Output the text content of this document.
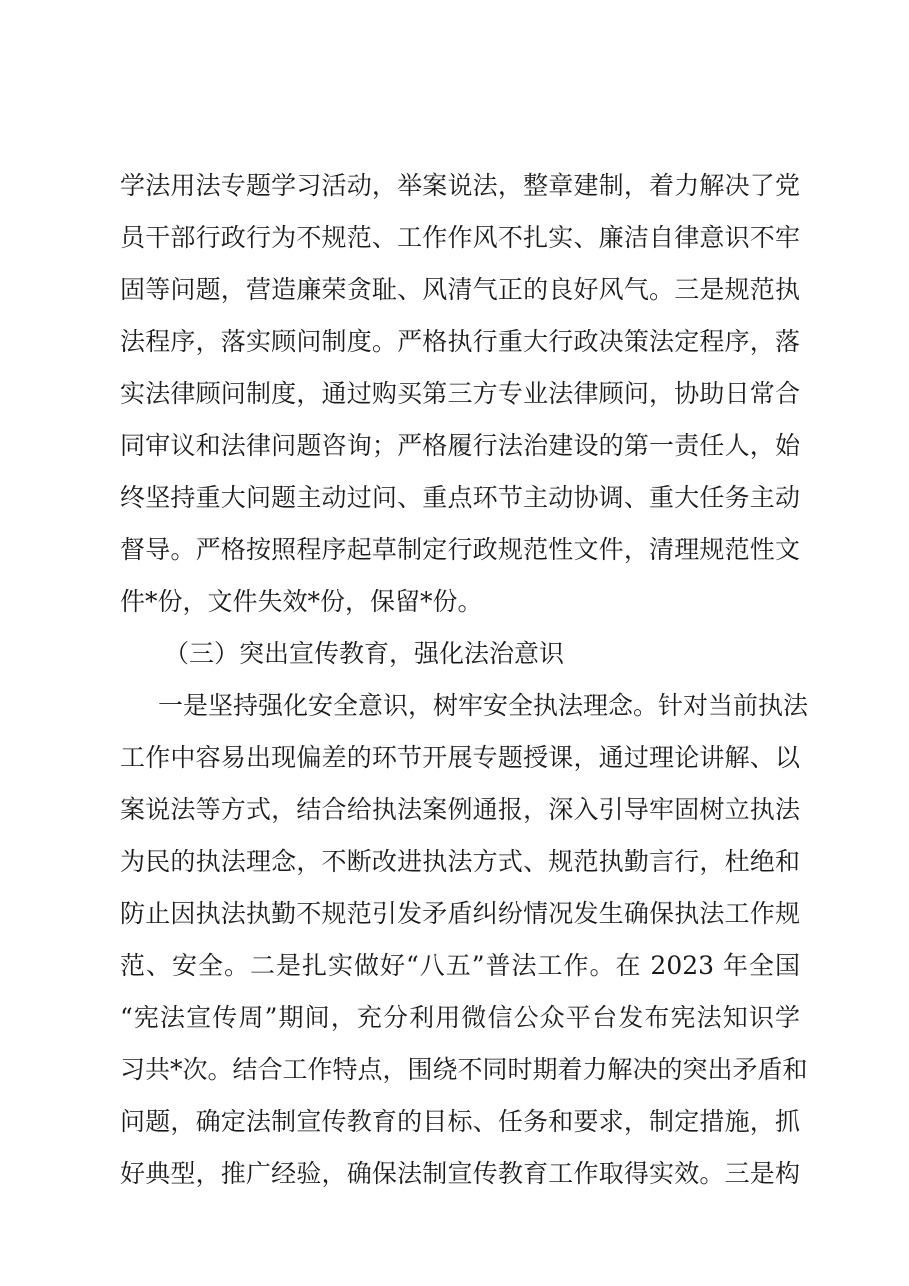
学法用法专题学习活动，举案说法，整章建制，着力解决了党
员干部行政行为不规范、工作作风不扎实、廉洁自律意识不牢
固等问题，营造廉荣贪耻、风清气正的良好风气。三是规范执
法程序，落实顾问制度。严格执行重大行政决策法定程序，落
实法律顾问制度，通过购买第三方专业法律顾问，协助日常合
同审议和法律问题咨询；严格履行法治建设的第一责任人，始
终坚持重大问题主动过问、重点环节主动协调、重大任务主动
督导。严格按照程序起草制定行政规范性文件，清理规范性文
件*份，文件失效*份，保留*份。
（三）突出宣传教育，强化法治意识
一是坚持强化安全意识，树牢安全执法理念。针对当前执法
工作中容易出现偏差的环节开展专题授课，通过理论讲解、以
案说法等方式，结合给执法案例通报，深入引导牢固树立执法
为民的执法理念，不断改进执法方式、规范执勤言行，杜绝和
防止因执法执勤不规范引发矛盾纠纷情况发生确保执法工作规
范、安全。二是扎实做好“八五”普法工作。在 2023 年全国
“宪法宣传周”期间，充分利用微信公众平台发布宪法知识学
习共*次。结合工作特点，围绕不同时期着力解决的突出矛盾和
问题，确定法制宣传教育的目标、任务和要求，制定措施，抓
好典型，推广经验，确保法制宣传教育工作取得实效。三是构
